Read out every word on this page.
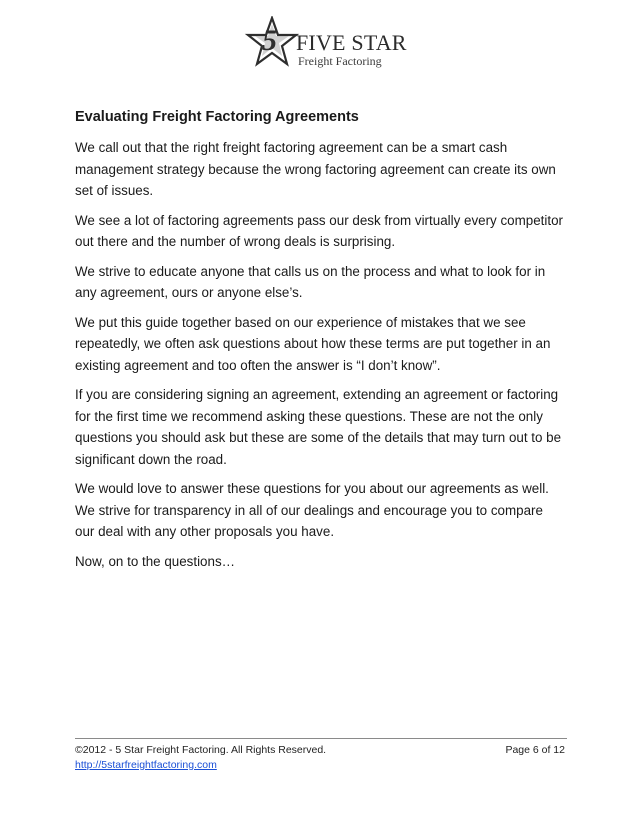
5 FIVE STAR
Freight Factoring
Evaluating Freight Factoring Agreements

We call out that the right freight factoring agreement can be a smart cash management strategy because the wrong factoring agreement can create its own set of issues.

We see a lot of factoring agreements pass our desk from virtually every competitor out there and the number of wrong deals is surprising.

We strive to educate anyone that calls us on the process and what to look for in any agreement, ours or anyone else’s.

We put this guide together based on our experience of mistakes that we see repeatedly, we often ask questions about how these terms are put together in an existing agreement and too often the answer is “I don’t know”.

If you are considering signing an agreement, extending an agreement or factoring for the first time we recommend asking these questions. These are not the only questions you should ask but these are some of the details that may turn out to be significant down the road.

We would love to answer these questions for you about our agreements as well. We strive for transparency in all of our dealings and encourage you to compare our deal with any other proposals you have.

Now, on to the questions…

©2012 - 5 Star Freight Factoring. All Rights Reserved.
http://5starfreightfactoring.com
Page 6 of 12
